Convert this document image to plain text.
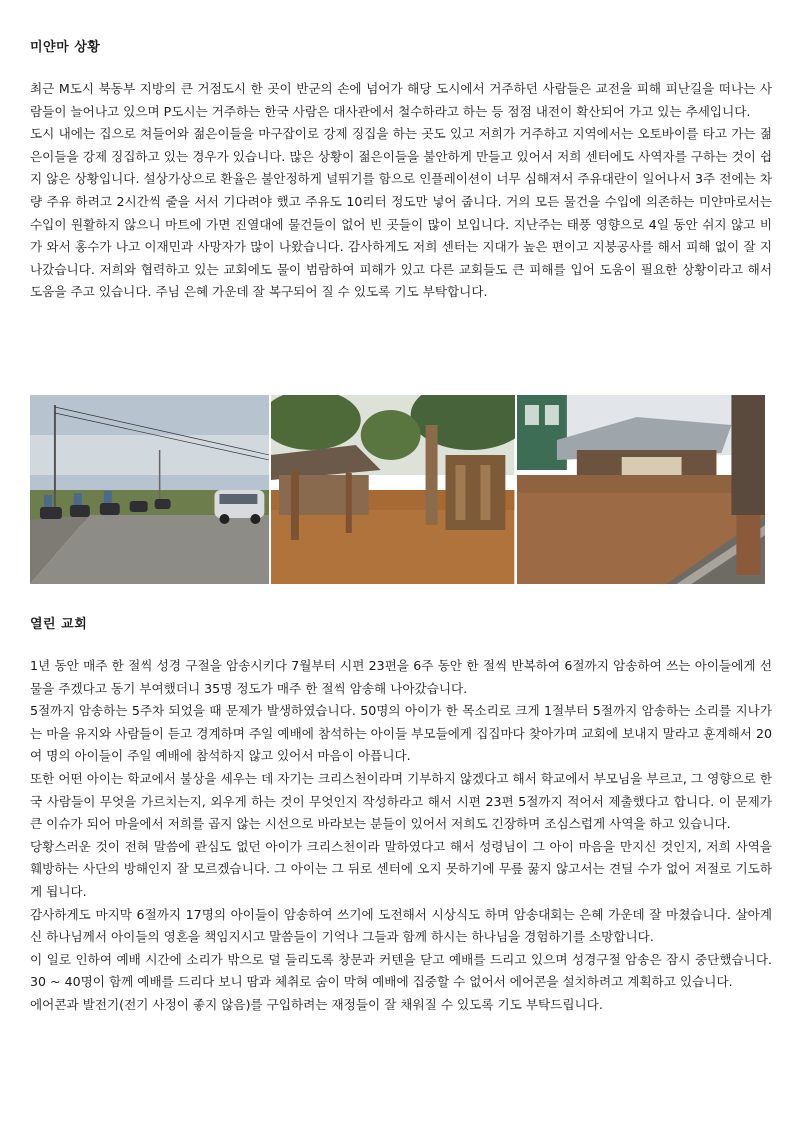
미얀마 상황

최근 M도시 북동부 지방의 큰 거점도시 한 곳이 반군의 손에 넘어가 해당 도시에서 거주하던 사람들은 교전을 피해 피난길을 떠나는 사람들이 늘어나고 있으며 P도시는 거주하는 한국 사람은 대사관에서 철수하라고 하는 등 점점 내전이 확산되어 가고 있는 추세입니다.

도시 내에는 집으로 쳐들어와 젊은이들을 마구잡이로 강제 징집을 하는 곳도 있고 저희가 거주하고 지역에서는 오토바이를 타고 가는 젊은이들을 강제 징집하고 있는 경우가 있습니다. 많은 상황이 젊은이들을 불안하게 만들고 있어서 저희 센터에도 사역자를 구하는 것이 쉽지 않은 상황입니다. 설상가상으로 환율은 불안정하게 널뛰기를 함으로 인플레이션이 너무 심해져서 주유대란이 일어나서 3주 전에는 차량 주유 하려고 2시간씩 줄을 서서 기다려야 했고 주유도 10리터 정도만 넣어 줍니다. 거의 모든 물건을 수입에 의존하는 미얀마로서는 수입이 원활하지 않으니 마트에 가면 진열대에 물건들이 없어 빈 곳들이 많이 보입니다. 지난주는 태풍 영향으로 4일 동안 쉬지 않고 비가 와서 홍수가 나고 이재민과 사망자가 많이 나왔습니다. 감사하게도 저희 센터는 지대가 높은 편이고 지붕공사를 해서 피해 없이 잘 지나갔습니다. 저희와 협력하고 있는 교회에도 물이 범람하여 피해가 있고 다른 교회들도 큰 피해를 입어 도움이 필요한 상황이라고 해서 도움을 주고 있습니다. 주님 은혜 가운데 잘 복구되어 질 수 있도록 기도 부탁합니다.

열린 교회

1년 동안 매주 한 절씩 성경 구절을 암송시키다 7월부터 시편 23편을 6주 동안 한 절씩 반복하여 6절까지 암송하여 쓰는 아이들에게 선물을 주겠다고 동기 부여했더니 35명 정도가 매주 한 절씩 암송해 나아갔습니다.

5절까지 암송하는 5주차 되었을 때 문제가 발생하였습니다. 50명의 아이가 한 목소리로 크게 1절부터 5절까지 암송하는 소리를 지나가는 마을 유지와 사람들이 듣고 경계하며 주일 예배에 참석하는 아이들 부모들에게 집집마다 찾아가며 교회에 보내지 말라고 훈계해서 20여 명의 아이들이 주일 예배에 참석하지 않고 있어서 마음이 아픕니다.

또한 어떤 아이는 학교에서 불상을 세우는 데 자기는 크리스천이라며 기부하지 않겠다고 해서 학교에서 부모님을 부르고, 그 영향으로 한국 사람들이 무엇을 가르치는지, 외우게 하는 것이 무엇인지 작성하라고 해서 시편 23편 5절까지 적어서 제출했다고 합니다. 이 문제가 큰 이슈가 되어 마을에서 저희를 곱지 않는 시선으로 바라보는 분들이 있어서 저희도 긴장하며 조심스럽게 사역을 하고 있습니다.

당황스러운 것이 전혀 말씀에 관심도 없던 아이가 크리스천이라 말하였다고 해서 성령님이 그 아이 마음을 만지신 것인지, 저희 사역을 훼방하는 사단의 방해인지 잘 모르겠습니다. 그 아이는 그 뒤로 센터에 오지 못하기에 무릎 꿇지 않고서는 견딜 수가 없어 저절로 기도하게 됩니다.

감사하게도 마지막 6절까지 17명의 아이들이 암송하여 쓰기에 도전해서 시상식도 하며 암송대회는 은혜 가운데 잘 마쳤습니다. 살아계신 하나님께서 아이들의 영혼을 책임지시고 말씀들이 기억나 그들과 함께 하시는 하나님을 경험하기를 소망합니다.

이 일로 인하여 예배 시간에 소리가 밖으로 덜 들리도록 창문과 커텐을 닫고 예배를 드리고 있으며 성경구절 암송은 잠시 중단했습니다. 30 ~ 40명이 함께 예배를 드리다 보니 땀과 체취로 숨이 막혀 예배에 집중할 수 없어서 에어콘을 설치하려고 계획하고 있습니다.

에어콘과 발전기(전기 사정이 좋지 않음)를 구입하려는 재정들이 잘 채워질 수 있도록 기도 부탁드립니다.
